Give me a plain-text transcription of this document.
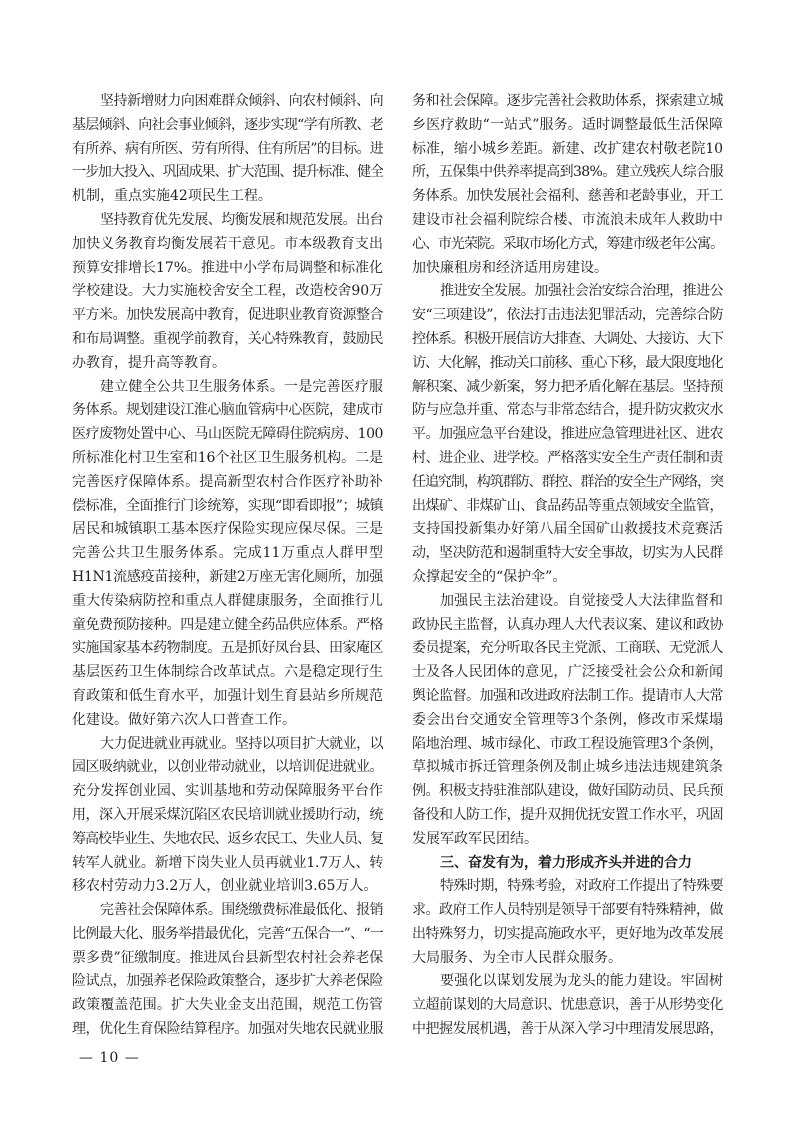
坚持新增财力向困难群众倾斜、向农村倾斜、向
基层倾斜、向社会事业倾斜，逐步实现“学有所教、老
有所养、病有所医、劳有所得、住有所居”的目标。进
一步加大投入、巩固成果、扩大范围、提升标准、健全
机制，重点实施42项民生工程。
坚持教育优先发展、均衡发展和规范发展。出台
加快义务教育均衡发展若干意见。市本级教育支出
预算安排增长17%。推进中小学布局调整和标准化
学校建设。大力实施校舍安全工程，改造校舍90万
平方米。加快发展高中教育，促进职业教育资源整合
和布局调整。重视学前教育，关心特殊教育，鼓励民
办教育，提升高等教育。
建立健全公共卫生服务体系。一是完善医疗服
务体系。规划建设江淮心脑血管病中心医院，建成市
医疗废物处置中心、马山医院无障碍住院病房、100
所标准化村卫生室和16个社区卫生服务机构。二是
完善医疗保障体系。提高新型农村合作医疗补助补
偿标准，全面推行门诊统筹，实现“即看即报”；城镇
居民和城镇职工基本医疗保险实现应保尽保。三是
完善公共卫生服务体系。完成11万重点人群甲型
H1N1流感疫苗接种，新建2万座无害化厕所，加强
重大传染病防控和重点人群健康服务，全面推行儿
童免费预防接种。四是建立健全药品供应体系。严格
实施国家基本药物制度。五是抓好凤台县、田家庵区
基层医药卫生体制综合改革试点。六是稳定现行生
育政策和低生育水平，加强计划生育县站乡所规范
化建设。做好第六次人口普查工作。
大力促进就业再就业。坚持以项目扩大就业，以
园区吸纳就业，以创业带动就业，以培训促进就业。
充分发挥创业园、实训基地和劳动保障服务平台作
用，深入开展采煤沉陷区农民培训就业援助行动，统
筹高校毕业生、失地农民、返乡农民工、失业人员、复
转军人就业。新增下岗失业人员再就业1.7万人、转
移农村劳动力3.2万人，创业就业培训3.65万人。
完善社会保障体系。围绕缴费标准最低化、报销
比例最大化、服务举措最优化，完善“五保合一”、“一
票多费”征缴制度。推进凤台县新型农村社会养老保
险试点，加强养老保险政策整合，逐步扩大养老保险
政策覆盖范围。扩大失业金支出范围，规范工伤管
理，优化生育保险结算程序。加强对失地农民就业服
务和社会保障。逐步完善社会救助体系，探索建立城
乡医疗救助“一站式”服务。适时调整最低生活保障
标准，缩小城乡差距。新建、改扩建农村敬老院10
所，五保集中供养率提高到38%。建立残疾人综合服
务体系。加快发展社会福利、慈善和老龄事业，开工
建设市社会福利院综合楼、市流浪未成年人救助中
心、市光荣院。采取市场化方式，筹建市级老年公寓。
加快廉租房和经济适用房建设。
推进安全发展。加强社会治安综合治理，推进公
安“三项建设”，依法打击违法犯罪活动，完善综合防
控体系。积极开展信访大排查、大调处、大接访、大下
访、大化解，推动关口前移、重心下移，最大限度地化
解积案、减少新案，努力把矛盾化解在基层。坚持预
防与应急并重、常态与非常态结合，提升防灾救灾水
平。加强应急平台建设，推进应急管理进社区、进农
村、进企业、进学校。严格落实安全生产责任制和责
任追究制，构筑群防、群控、群治的安全生产网络，突
出煤矿、非煤矿山、食品药品等重点领域安全监管，
支持国投新集办好第八届全国矿山救援技术竞赛活
动，坚决防范和遏制重特大安全事故，切实为人民群
众撑起安全的“保护伞”。
加强民主法治建设。自觉接受人大法律监督和
政协民主监督，认真办理人大代表议案、建议和政协
委员提案，充分听取各民主党派、工商联、无党派人
士及各人民团体的意见，广泛接受社会公众和新闻
舆论监督。加强和改进政府法制工作。提请市人大常
委会出台交通安全管理等3个条例，修改市采煤塌
陷地治理、城市绿化、市政工程设施管理3个条例，
草拟城市拆迁管理条例及制止城乡违法违规建筑条
例。积极支持驻淮部队建设，做好国防动员、民兵预
备役和人防工作，提升双拥优抚安置工作水平，巩固
发展军政军民团结。
三、奋发有为，着力形成齐头并进的合力
特殊时期，特殊考验，对政府工作提出了特殊要
求。政府工作人员特别是领导干部要有特殊精神，做
出特殊努力，切实提高施政水平，更好地为改革发展
大局服务、为全市人民群众服务。
要强化以谋划发展为龙头的能力建设。牢固树
立超前谋划的大局意识、忧患意识，善于从形势变化
中把握发展机遇，善于从深入学习中理清发展思路，
— 10 —
